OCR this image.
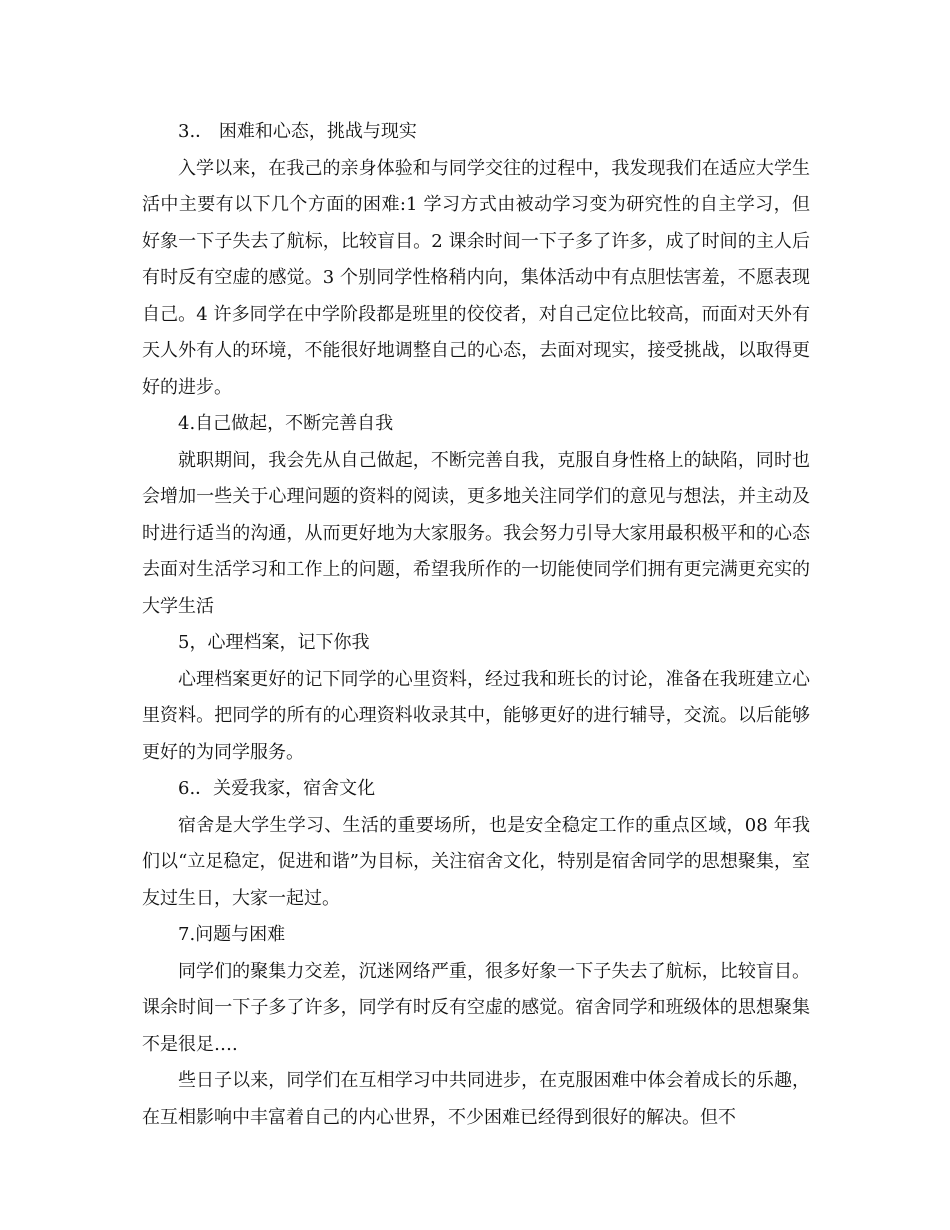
3.． 困难和心态，挑战与现实

入学以来，在我己的亲身体验和与同学交往的过程中，我发现我们在适应大学生活中主要有以下几个方面的困难:1 学习方式由被动学习变为研究性的自主学习，但好象一下子失去了航标，比较盲目。2 课余时间一下子多了许多，成了时间的主人后有时反有空虚的感觉。3 个别同学性格稍内向，集体活动中有点胆怯害羞，不愿表现自己。4 许多同学在中学阶段都是班里的佼佼者，对自己定位比较高，而面对天外有天人外有人的环境，不能很好地调整自己的心态，去面对现实，接受挑战，以取得更好的进步。

4.自己做起，不断完善自我

就职期间，我会先从自己做起，不断完善自我，克服自身性格上的缺陷，同时也会增加一些关于心理问题的资料的阅读，更多地关注同学们的意见与想法，并主动及时进行适当的沟通，从而更好地为大家服务。我会努力引导大家用最积极平和的心态去面对生活学习和工作上的问题，希望我所作的一切能使同学们拥有更完满更充实的大学生活

5，心理档案，记下你我

心理档案更好的记下同学的心里资料，经过我和班长的讨论，准备在我班建立心里资料。把同学的所有的心理资料收录其中，能够更好的进行辅导，交流。以后能够更好的为同学服务。

6.．关爱我家，宿舍文化

宿舍是大学生学习、生活的重要场所，也是安全稳定工作的重点区域，08 年我们以“立足稳定，促进和谐”为目标，关注宿舍文化，特别是宿舍同学的思想聚集，室友过生日，大家一起过。

7.问题与困难

同学们的聚集力交差，沉迷网络严重，很多好象一下子失去了航标，比较盲目。课余时间一下子多了许多，同学有时反有空虚的感觉。宿舍同学和班级体的思想聚集不是很足….

些日子以来，同学们在互相学习中共同进步，在克服困难中体会着成长的乐趣，在互相影响中丰富着自己的内心世界，不少困难已经得到很好的解决。但不
